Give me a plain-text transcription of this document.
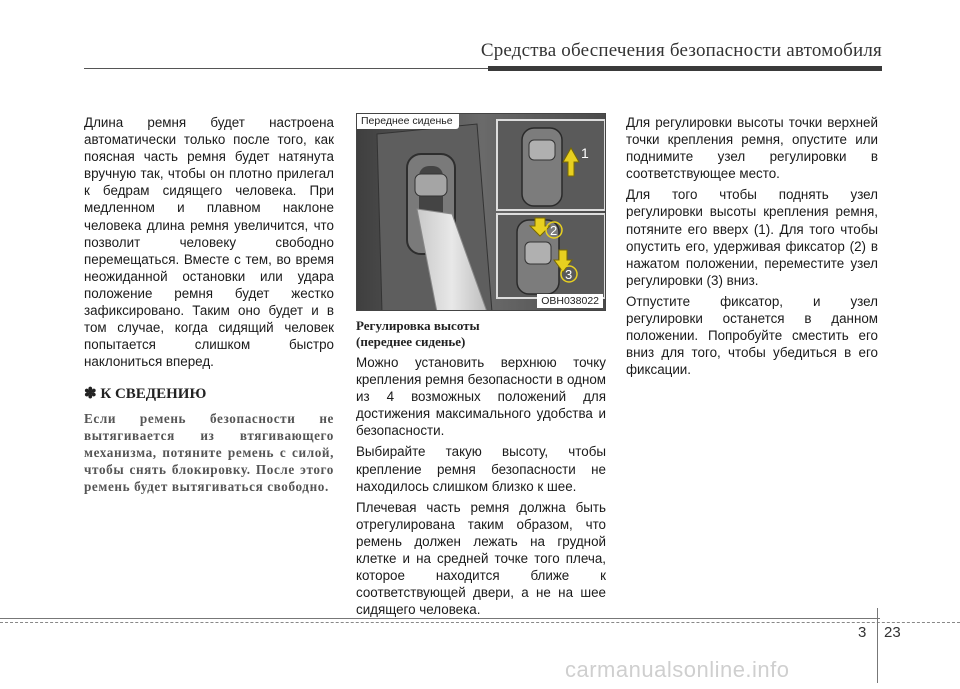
Средства обеспечения безопасности автомобиля

Длина ремня будет настроена автоматически только после того, как поясная часть ремня будет натянута вручную так, чтобы он плотно прилегал к бедрам сидящего человека. При медленном и плавном наклоне человека длина ремня увеличится, что позволит человеку свободно перемещаться. Вместе с тем, во время неожиданной остановки или удара положение ремня будет жестко зафиксировано. Таким оно будет и в том случае, когда сидящий человек попытается слишком быстро наклониться вперед.

✽ К СВЕДЕНИЮ
Если ремень безопасности не вытягивается из втягивающего механизма, потяните ремень с силой, чтобы снять блокировку. После этого ремень будет вытягиваться свободно.
1
2
3
Переднее сиденье
OBH038022
Регулировка высоты
(переднее сиденье)

Можно установить верхнюю точку крепления ремня безопасности в одном из 4 возможных положений для достижения максимального удобства и безопасности.

Выбирайте такую высоту, чтобы крепление ремня безопасности не находилось слишком близко к шее.

Плечевая часть ремня должна быть отрегулирована таким образом, что ремень должен лежать на грудной клетке и на средней точке того плеча, которое находится ближе к соответствующей двери, а не на шее сидящего человека.

Для регулировки высоты точки верхней точки крепления ремня, опустите или поднимите узел регулировки в соответствующее место.

Для того чтобы поднять узел регулировки высоты крепления ремня, потяните его вверх (1). Для того чтобы опустить его, удерживая фиксатор (2) в нажатом положении, переместите узел регулировки (3) вниз.

Отпустите фиксатор, и узел регулировки останется в данном положении. Попробуйте сместить его вниз для того, чтобы убедиться в его фиксации.

3 23
carmanualsonline.info
